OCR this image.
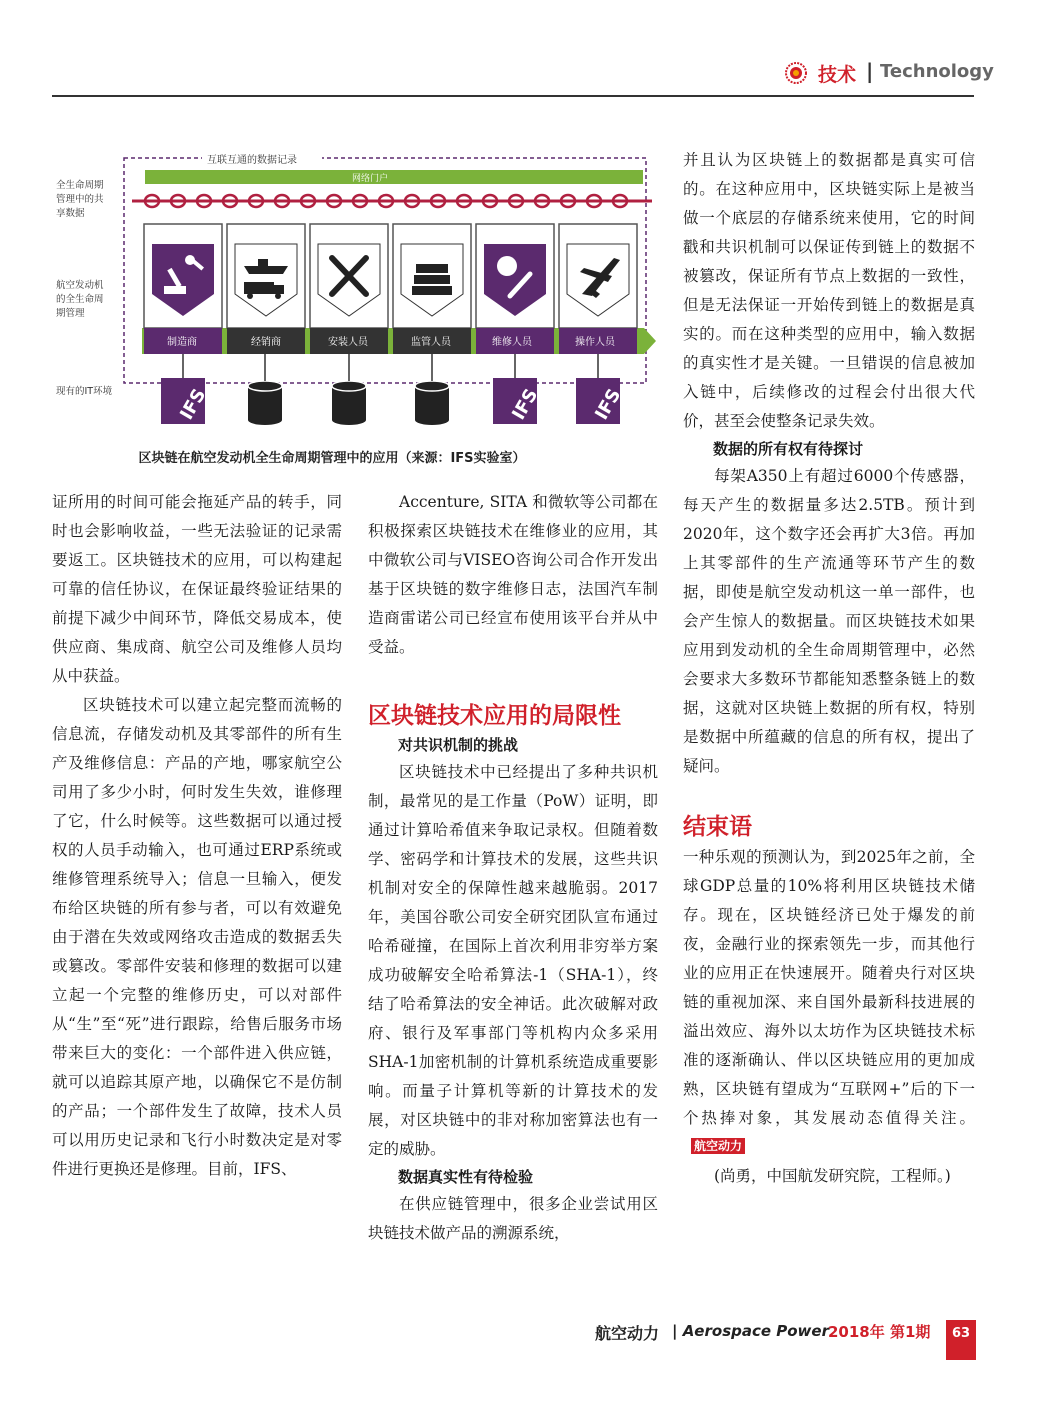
技术 | Technology
互联互通的数据记录
网络门户
全生命周期管理中的共享数据
航空发动机的全生命周期管理
现有的IT环境
制造商	经销商	安装人员	监管人员	维修人员	操作人员
IFS	IFS	IFS
区块链在航空发动机全生命周期管理中的应用（来源：IFS实验室）

证所用的时间可能会拖延产品的转手，同时也会影响收益，一些无法验证的记录需要返工。区块链技术的应用，可以构建起可靠的信任协议，在保证最终验证结果的前提下减少中间环节，降低交易成本，使供应商、集成商、航空公司及维修人员均从中获益。

区块链技术可以建立起完整而流畅的信息流，存储发动机及其零部件的所有生产及维修信息：产品的产地，哪家航空公司用了多少小时，何时发生失效，谁修理了它，什么时候等。这些数据可以通过授权的人员手动输入，也可通过ERP系统或维修管理系统导入；信息一旦输入，便发布给区块链的所有参与者，可以有效避免由于潜在失效或网络攻击造成的数据丢失或篡改。零部件安装和修理的数据可以建立起一个完整的维修历史，可以对部件从“生”至“死”进行跟踪，给售后服务市场带来巨大的变化：一个部件进入供应链，就可以追踪其原产地，以确保它不是仿制的产品；一个部件发生了故障，技术人员可以用历史记录和飞行小时数决定是对零件进行更换还是修理。目前，IFS、

Accenture, SITA 和微软等公司都在积极探索区块链技术在维修业的应用，其中微软公司与VISEO咨询公司合作开发出基于区块链的数字维修日志，法国汽车制造商雷诺公司已经宣布使用该平台并从中受益。

区块链技术应用的局限性
对共识机制的挑战

区块链技术中已经提出了多种共识机制，最常见的是工作量（PoW）证明，即通过计算哈希值来争取记录权。但随着数学、密码学和计算技术的发展，这些共识机制对安全的保障性越来越脆弱。2017年，美国谷歌公司安全研究团队宣布通过哈希碰撞，在国际上首次利用非穷举方案成功破解安全哈希算法-1（SHA-1），终结了哈希算法的安全神话。此次破解对政府、银行及军事部门等机构内众多采用SHA-1加密机制的计算机系统造成重要影响。而量子计算机等新的计算技术的发展，对区块链中的非对称加密算法也有一定的威胁。

数据真实性有待检验

在供应链管理中，很多企业尝试用区块链技术做产品的溯源系统，

并且认为区块链上的数据都是真实可信的。在这种应用中，区块链实际上是被当做一个底层的存储系统来使用，它的时间戳和共识机制可以保证传到链上的数据不被篡改，保证所有节点上数据的一致性，但是无法保证一开始传到链上的数据是真实的。而在这种类型的应用中，输入数据的真实性才是关键。一旦错误的信息被加入链中，后续修改的过程会付出很大代价，甚至会使整条记录失效。

数据的所有权有待探讨

每架A350上有超过6000个传感器，每天产生的数据量多达2.5TB。预计到2020年，这个数字还会再扩大3倍。再加上其零部件的生产流通等环节产生的数据，即使是航空发动机这一单一部件，也会产生惊人的数据量。而区块链技术如果应用到发动机的全生命周期管理中，必然会要求大多数环节都能知悉整条链上的数据，这就对区块链上数据的所有权，特别是数据中所蕴藏的信息的所有权，提出了疑问。

结束语

一种乐观的预测认为，到2025年之前，全球GDP总量的10%将利用区块链技术储存。现在，区块链经济已处于爆发的前夜，金融行业的探索领先一步，而其他行业的应用正在快速展开。随着央行对区块链的重视加深、来自国外最新科技进展的溢出效应、海外以太坊作为区块链技术标准的逐渐确认、伴以区块链应用的更加成熟，区块链有望成为“互联网+”后的下一个热捧对象，其发展动态值得关注。航空动力

(尚勇，中国航发研究院，工程师。)

航空动力 | Aerospace Power 2018年 第1期	63
